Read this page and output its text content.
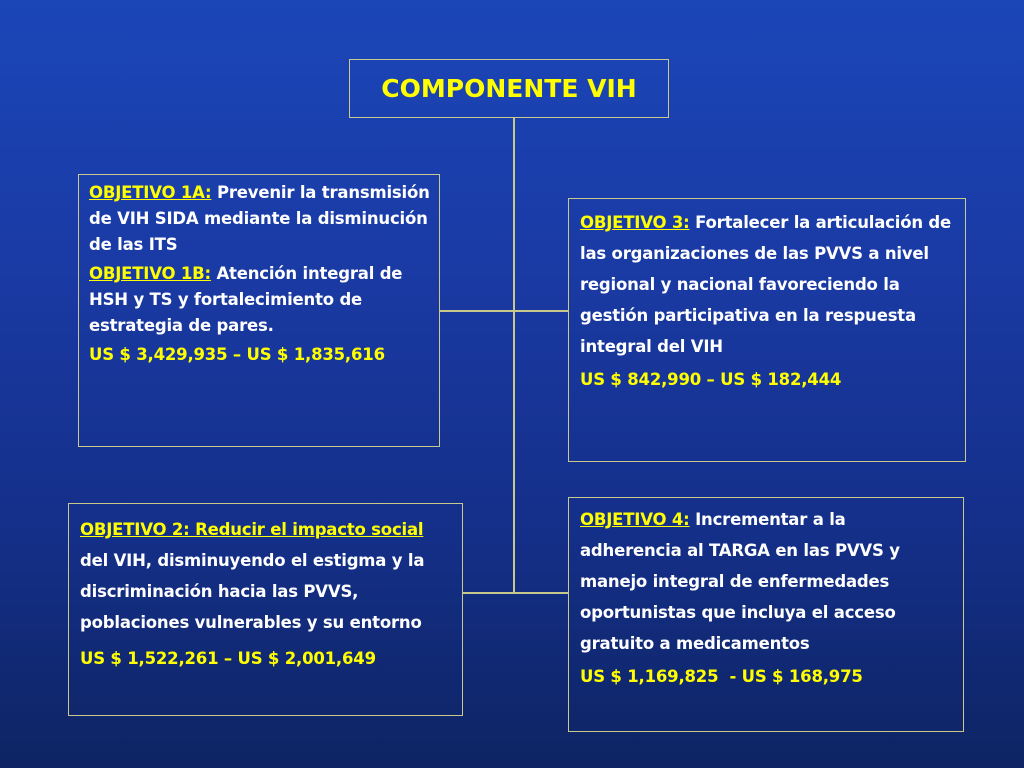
COMPONENTE VIH

OBJETIVO 1A: Prevenir la transmisión de VIH SIDA mediante la disminución de las ITS

OBJETIVO 1B: Atención integral de HSH y TS y fortalecimiento de estrategia de pares.

US $ 3,429,935 – US $ 1,835,616

OBJETIVO 2: Reducir el impacto social del VIH, disminuyendo el estigma y la discriminación hacia las PVVS, poblaciones vulnerables y su entorno

US $ 1,522,261 – US $ 2,001,649

OBJETIVO 3: Fortalecer la articulación de las organizaciones de las PVVS a nivel regional y nacional favoreciendo la gestión participativa en la respuesta integral del VIH

US $ 842,990 – US $ 182,444

OBJETIVO 4: Incrementar a la adherencia al TARGA en las PVVS y manejo integral de enfermedades oportunistas que incluya el acceso gratuito a medicamentos

US $ 1,169,825  - US $ 168,975
